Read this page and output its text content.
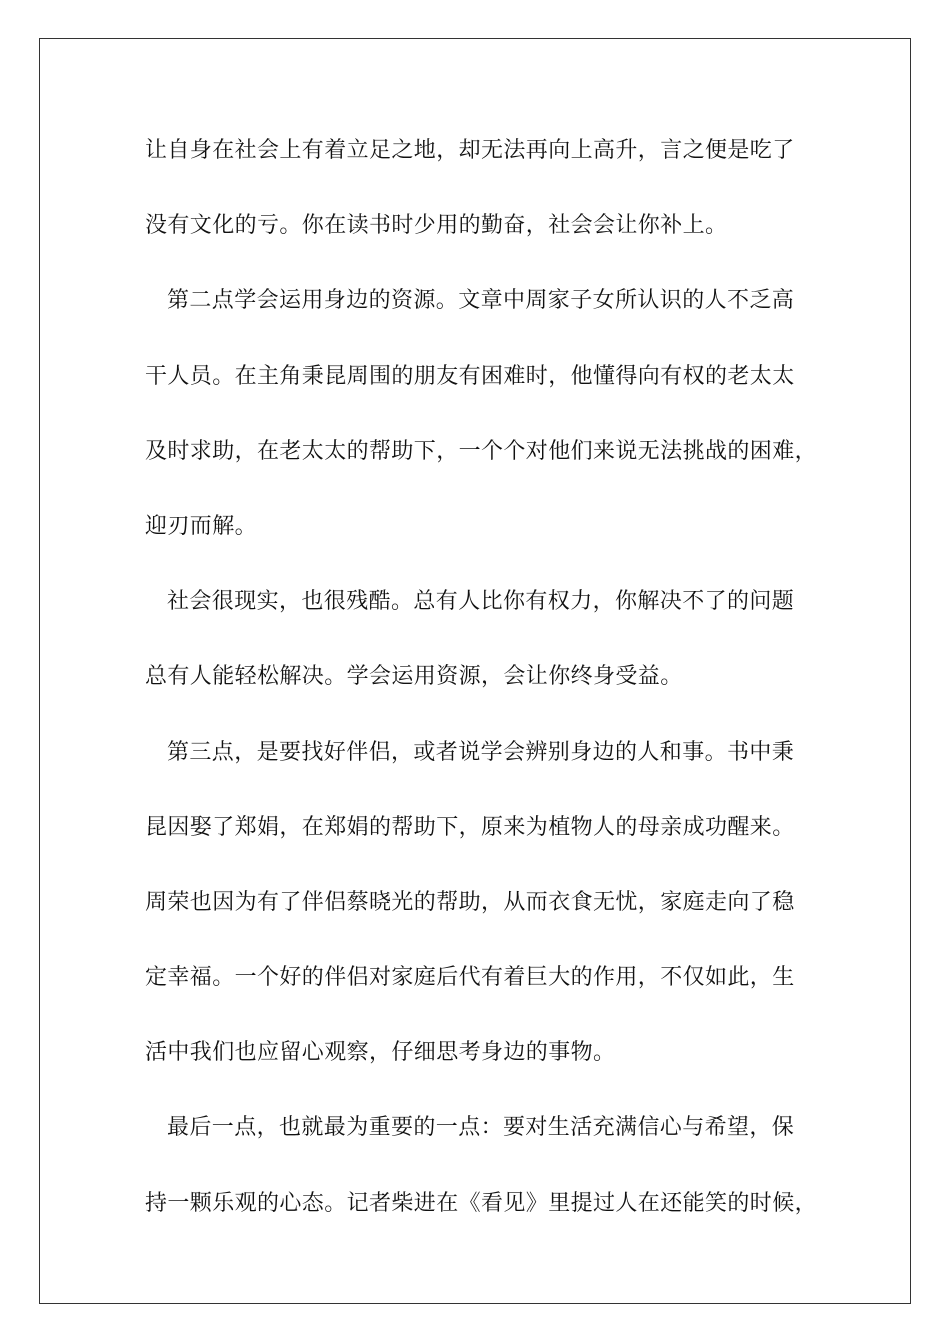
让自身在社会上有着立足之地，却无法再向上高升，言之便是吃了
没有文化的亏。你在读书时少用的勤奋，社会会让你补上。
第二点学会运用身边的资源。文章中周家子女所认识的人不乏高
干人员。在主角秉昆周围的朋友有困难时，他懂得向有权的老太太
及时求助，在老太太的帮助下，一个个对他们来说无法挑战的困难，
迎刃而解。
社会很现实，也很残酷。总有人比你有权力，你解决不了的问题
总有人能轻松解决。学会运用资源，会让你终身受益。
第三点，是要找好伴侣，或者说学会辨别身边的人和事。书中秉
昆因娶了郑娟，在郑娟的帮助下，原来为植物人的母亲成功醒来。
周荣也因为有了伴侣蔡晓光的帮助，从而衣食无忧，家庭走向了稳
定幸福。一个好的伴侣对家庭后代有着巨大的作用，不仅如此，生
活中我们也应留心观察，仔细思考身边的事物。
最后一点，也就最为重要的一点：要对生活充满信心与希望，保
持一颗乐观的心态。记者柴进在《看见》里提过人在还能笑的时候，
